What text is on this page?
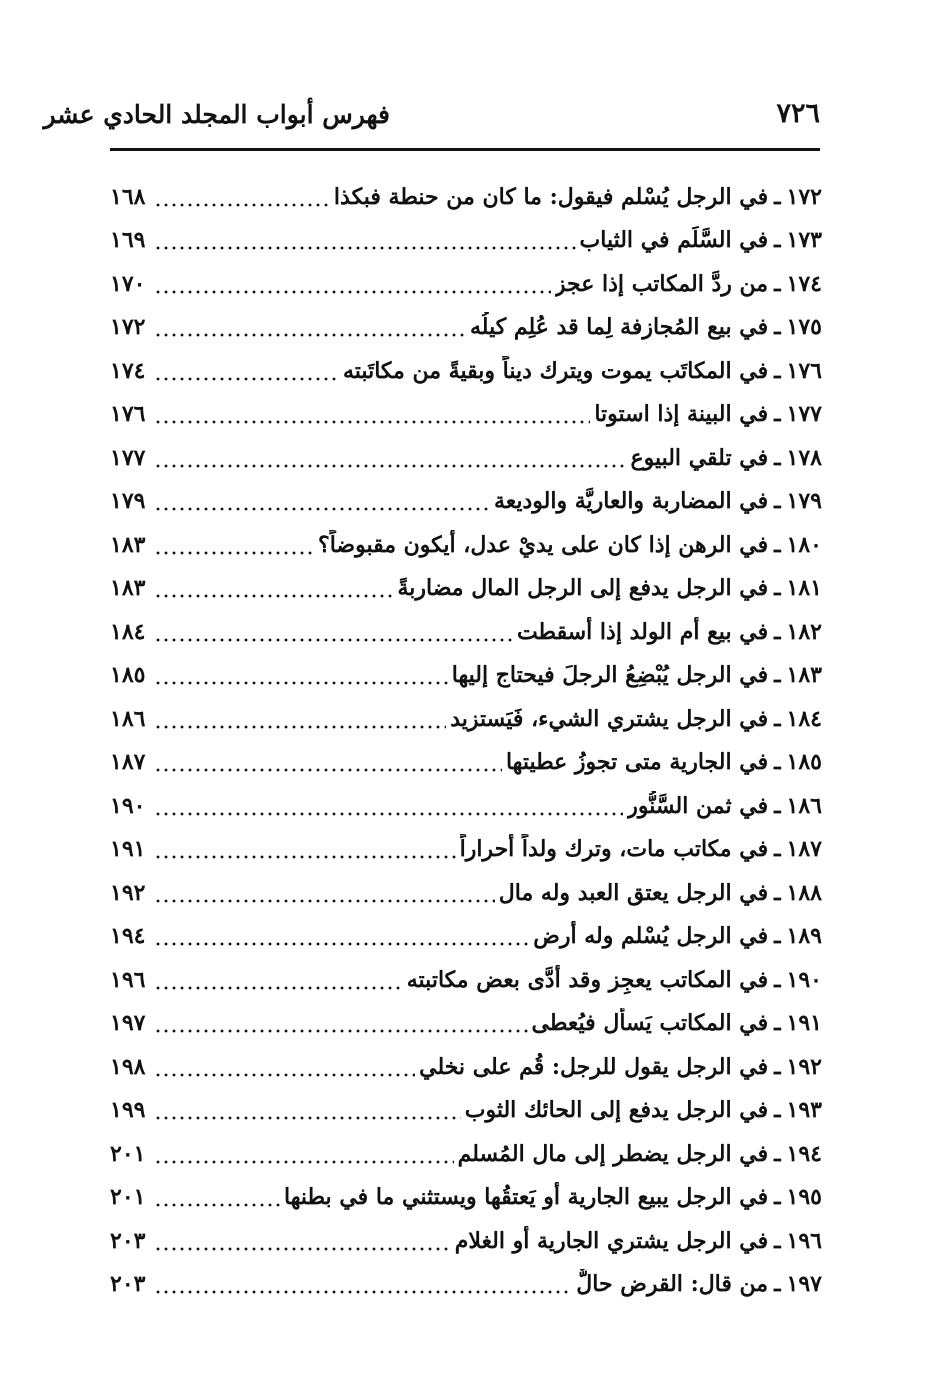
فهرس أبواب المجلد الحادي عشر	٧٢٦
١٧٢
ـ
في الرجل يُسْلم فيقول: ما كان من حنطة فبكذا
١٦٨
١٧٣
ـ
في السَّلَم في الثياب
١٦٩
١٧٤
ـ
من ردَّ المكاتب إذا عجز
١٧٠
١٧٥
ـ
في بيع المُجازفة لِما قد عُلِم كيلُه
١٧٢
١٧٦
ـ
في المكاتَب يموت ويترك ديناً وبقيةً من مكاتَبته
١٧٤
١٧٧
ـ
في البينة إذا استوتا
١٧٦
١٧٨
ـ
في تلقي البيوع
١٧٧
١٧٩
ـ
في المضاربة والعاريَّة والوديعة
١٧٩
١٨٠
ـ
في الرهن إذا كان على يديْ عدل، أيكون مقبوضاً؟
١٨٣
١٨١
ـ
في الرجل يدفع إلى الرجل المال مضاربةً
١٨٣
١٨٢
ـ
في بيع أم الولد إذا أسقطت
١٨٤
١٨٣
ـ
في الرجل يُبْضِعُ الرجلَ فيحتاج إليها
١٨٥
١٨٤
ـ
في الرجل يشتري الشيء، فَيَستزيد
١٨٦
١٨٥
ـ
في الجارية متى تجوزُ عطيتها
١٨٧
١٨٦
ـ
في ثمن السَّنُّور
١٩٠
١٨٧
ـ
في مكاتب مات، وترك ولداً أحراراً
١٩١
١٨٨
ـ
في الرجل يعتق العبد وله مال
١٩٢
١٨٩
ـ
في الرجل يُسْلم وله أرض
١٩٤
١٩٠
ـ
في المكاتب يعجِز وقد أدَّى بعض مكاتبته
١٩٦
١٩١
ـ
في المكاتب يَسأل فيُعطى
١٩٧
١٩٢
ـ
في الرجل يقول للرجل: قُم على نخلي
١٩٨
١٩٣
ـ
في الرجل يدفع إلى الحائك الثوب
١٩٩
١٩٤
ـ
في الرجل يضطر إلى مال المُسلم
٢٠١
١٩٥
ـ
في الرجل يبيع الجارية أو يَعتقُها ويستثني ما في بطنها
٢٠١
١٩٦
ـ
في الرجل يشتري الجارية أو الغلام
٢٠٣
١٩٧
ـ
من قال: القرض حالٌّ
٢٠٣
